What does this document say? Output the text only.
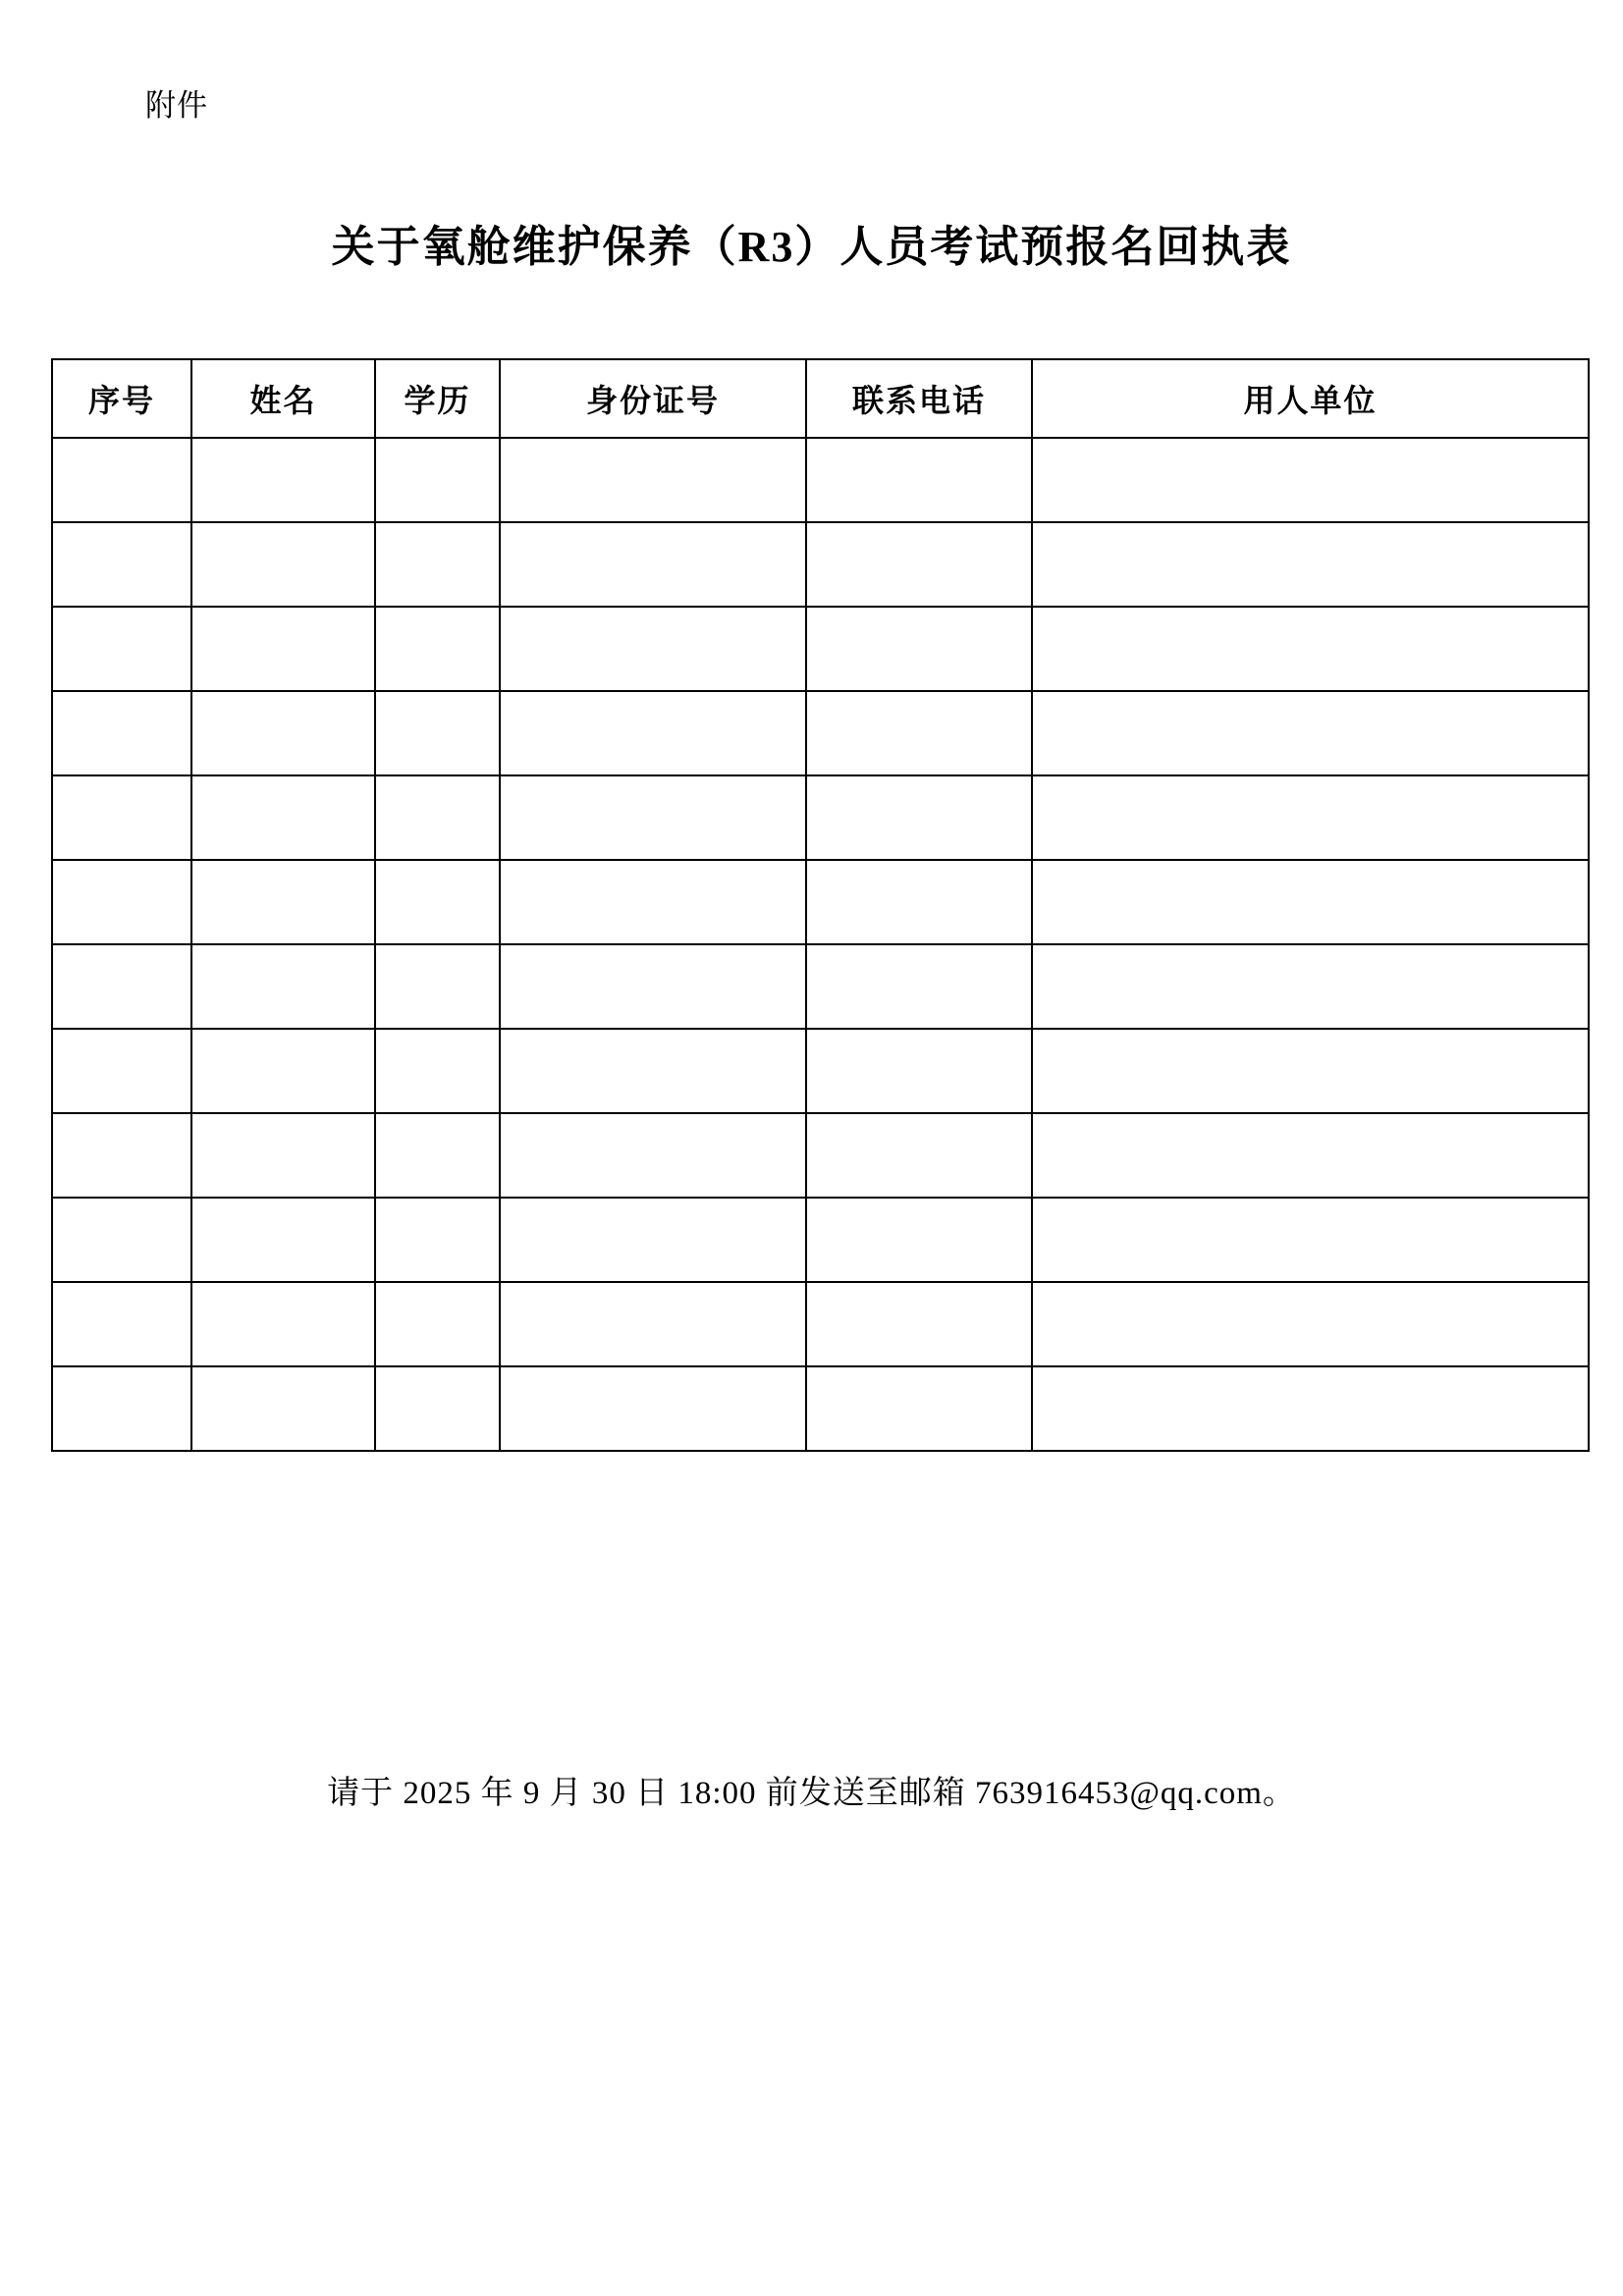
附件
关于氧舱维护保养（R3）人员考试预报名回执表
序号	姓名	学历	身份证号	联系电话	用人单位

请于 2025 年 9 月 30 日 18:00 前发送至邮箱 763916453@qq.com。
